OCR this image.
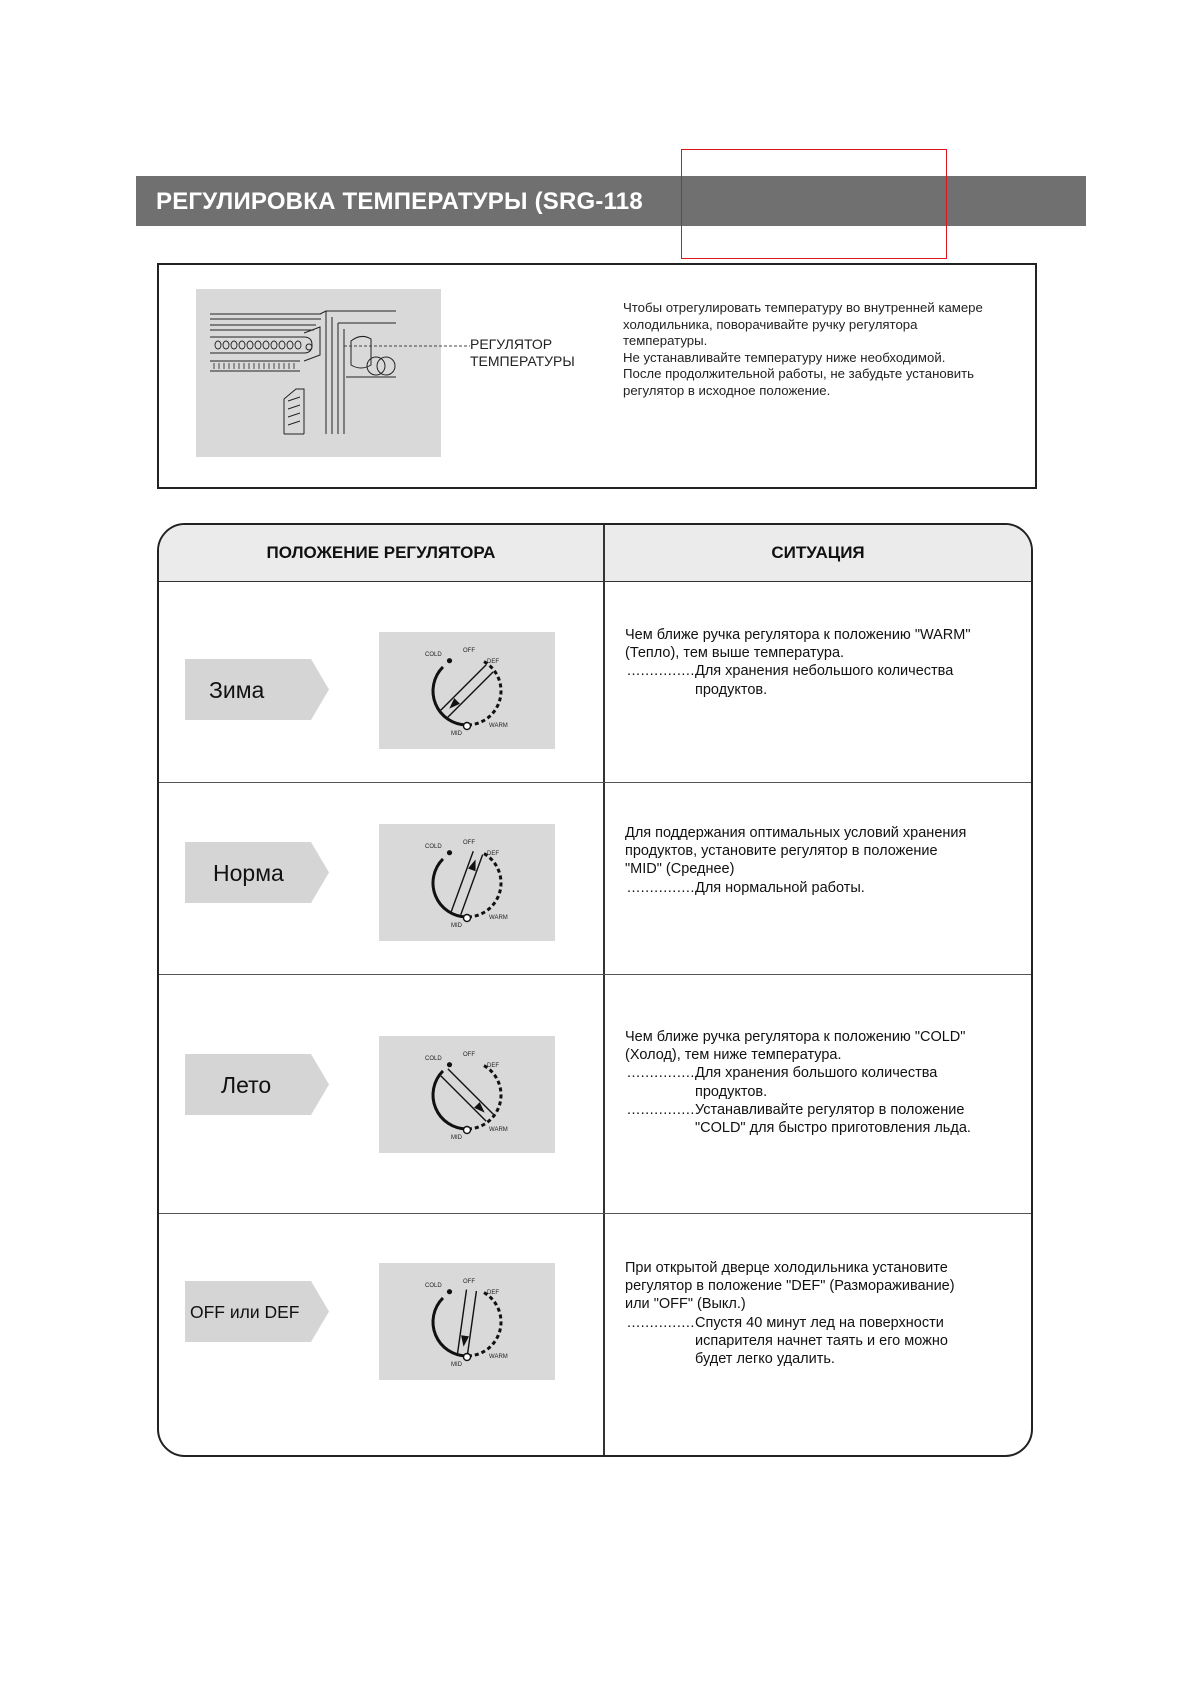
РЕГУЛИРОВКА ТЕМПЕРАТУРЫ (SRG-118
РЕГУЛЯТОР
ТЕМПЕРАТУРЫ
Чтобы отрегулировать температуру во внутренней камере
холодильника, поворачивайте ручку регулятора
температуры.
Не устанавливайте температуру ниже необходимой.
После продолжительной работы, не забудьте установить
регулятор в исходное положение.
ПОЛОЖЕНИЕ РЕГУЛЯТОРА	СИТУАЦИЯ
Зима
COLD
OFF
DEF
WARM
MID
Чем ближе ручка регулятора к положению "WARM"
(Тепло), тем выше температура.
............... Для хранения небольшого количества
продуктов.
Норма
COLD
OFF
DEF
WARM
MID
Для поддержания оптимальных условий хранения
продуктов, установите регулятор в положение
"MID" (Среднее)
............... Для нормальной работы.
Лето
COLD
OFF
DEF
WARM
MID
Чем ближе ручка регулятора к положению "COLD"
(Холод), тем ниже температура.
............... Для хранения большого количества
продуктов.
............... Устанавливайте регулятор в положение
"COLD" для быстро приготовления льда.
OFF или DEF
COLD
OFF
DEF
WARM
MID
При открытой дверце холодильника установите
регулятор в положение "DEF" (Размораживание)
или "OFF" (Выкл.)
............... Спустя 40 минут лед на поверхности
испарителя начнет таять и его можно
будет легко удалить.
